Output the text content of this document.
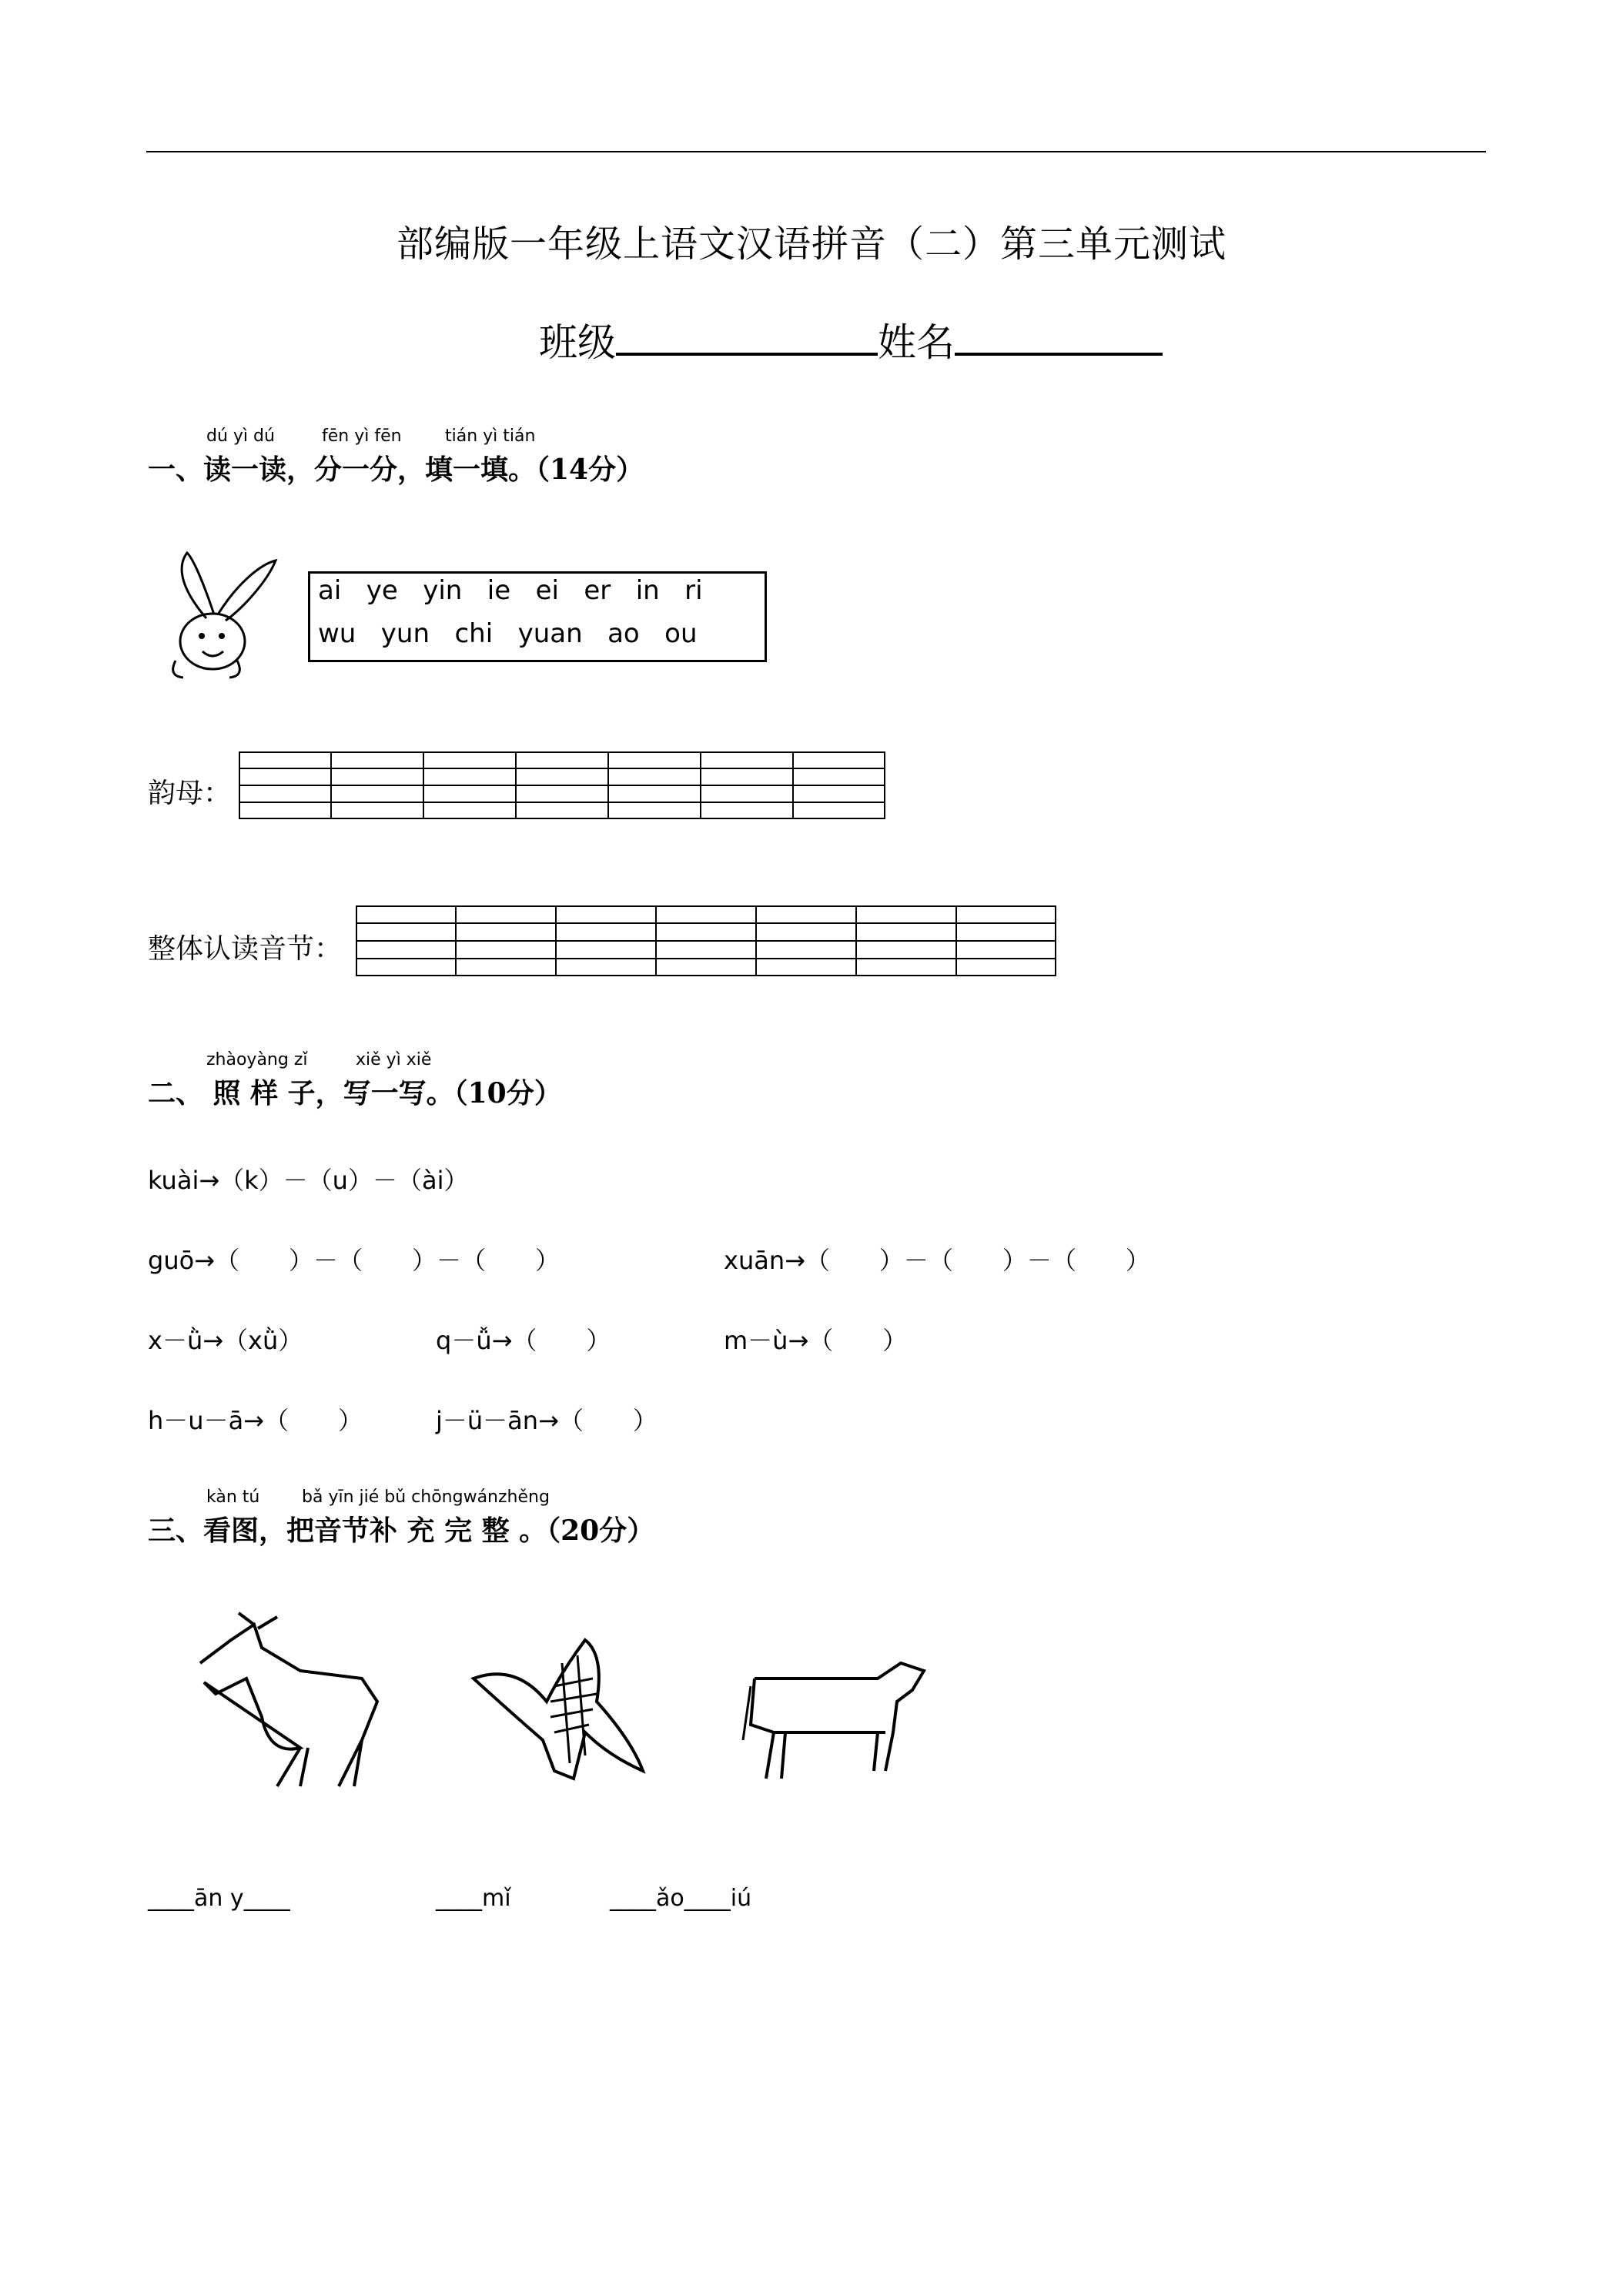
部编版一年级上语文汉语拼音（二）第三单元测试
班级	姓名
dú yì dú	fēn yì fēn	tián yì tián
一、读一读，分一分，填一填。（14分）
ai ye yin ie ei er in ri
wu yun chi yuan ao ou
韵母：
整体认读音节：
zhàoyàng zǐ	xiě yì xiě
二、 照 样 子，写一写。（10分）
kuài→（k）－（u）－（ài）
guō→（　　）－（　　）－（　　）	xuān→（　　）－（　　）－（　　）
x－ǜ→（xǜ）	q－ǚ→（　　）	m－ù→（　　）
h－u－ā→（　　）	j－ü－ān→（　　）
kàn tú bǎ yīn jié bǔ chōngwánzhěng
三、看图，把音节补 充 完 整 。（20分）
____ān y____	____mǐ	____ǎo____iú
